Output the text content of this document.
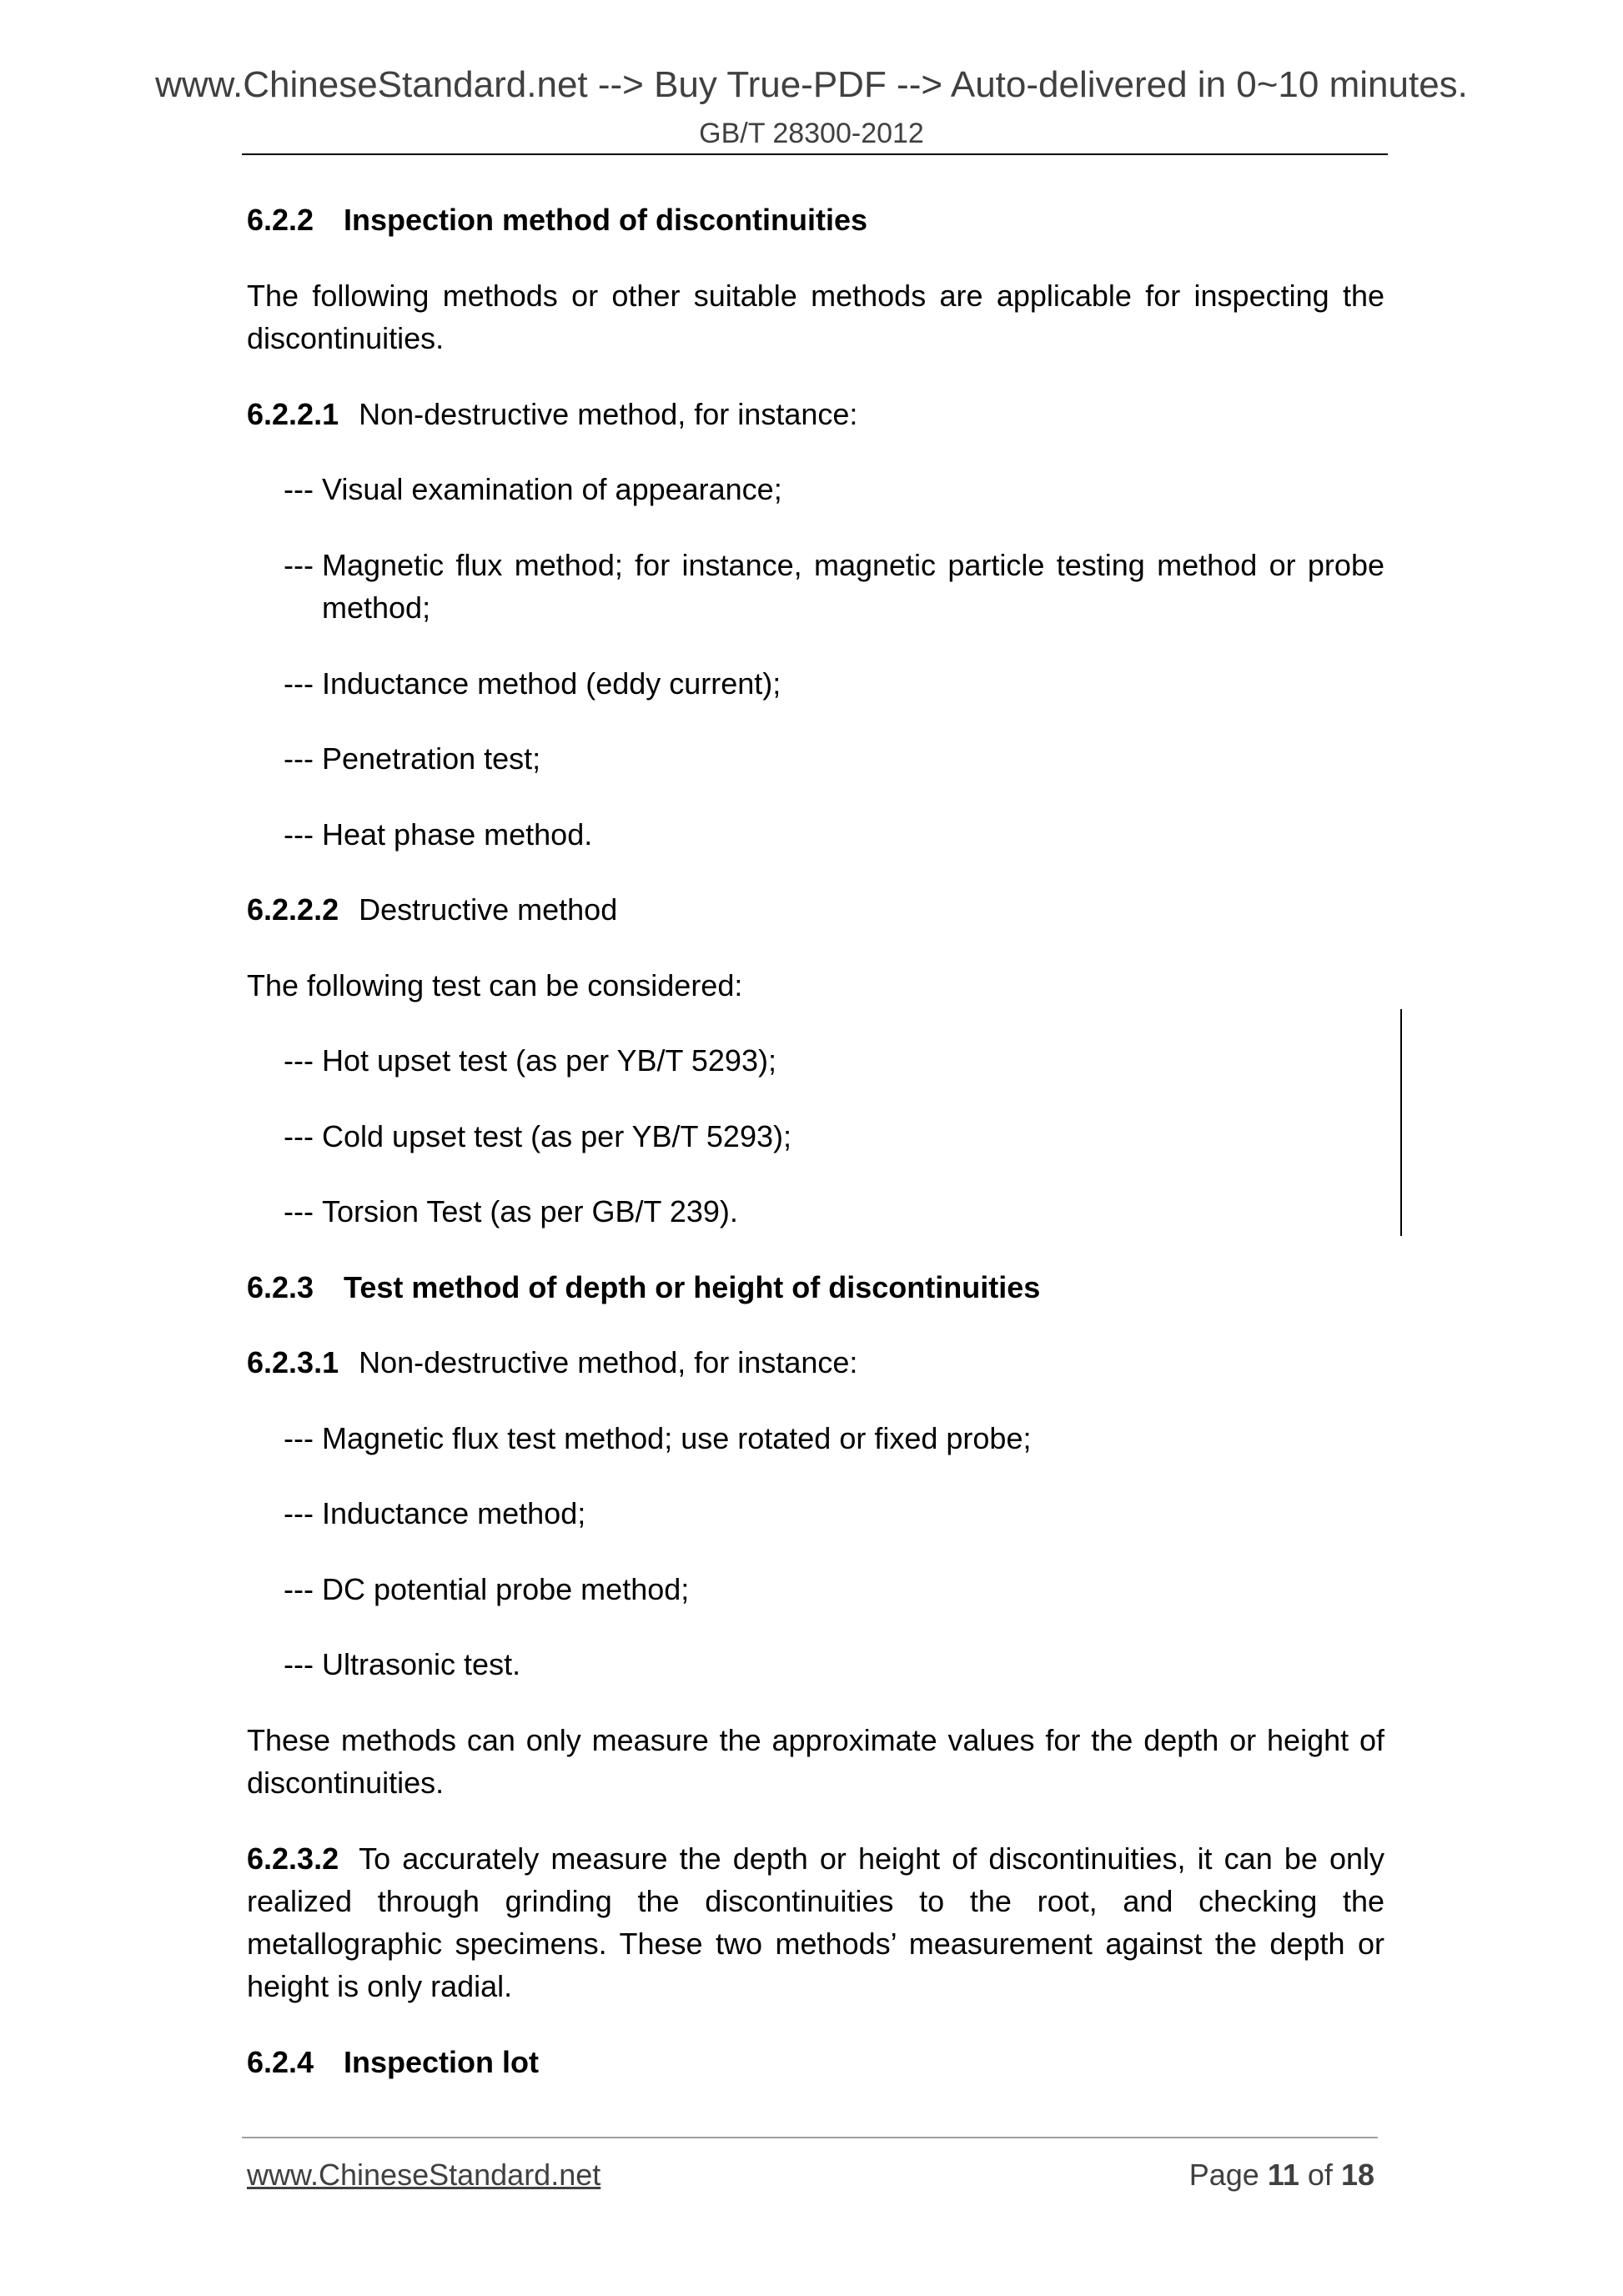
www.ChineseStandard.net --> Buy True-PDF --> Auto-delivered in 0~10 minutes.

GB/T 28300-2012

6.2.2 Inspection method of discontinuities

The following methods or other suitable methods are applicable for inspecting the discontinuities.

6.2.2.1 Non-destructive method, for instance:

--- Visual examination of appearance;
--- Magnetic flux method; for instance, magnetic particle testing method or probe method;
--- Inductance method (eddy current);
--- Penetration test;
--- Heat phase method.

6.2.2.2 Destructive method

The following test can be considered:

--- Hot upset test (as per YB/T 5293);
--- Cold upset test (as per YB/T 5293);
--- Torsion Test (as per GB/T 239).

6.2.3 Test method of depth or height of discontinuities

6.2.3.1 Non-destructive method, for instance:

--- Magnetic flux test method; use rotated or fixed probe;
--- Inductance method;
--- DC potential probe method;
--- Ultrasonic test.

These methods can only measure the approximate values for the depth or height of discontinuities.

6.2.3.2 To accurately measure the depth or height of discontinuities, it can be only realized through grinding the discontinuities to the root, and checking the metallographic specimens. These two methods’ measurement against the depth or height is only radial.

6.2.4 Inspection lot

www.ChineseStandard.net	Page 11 of 18
